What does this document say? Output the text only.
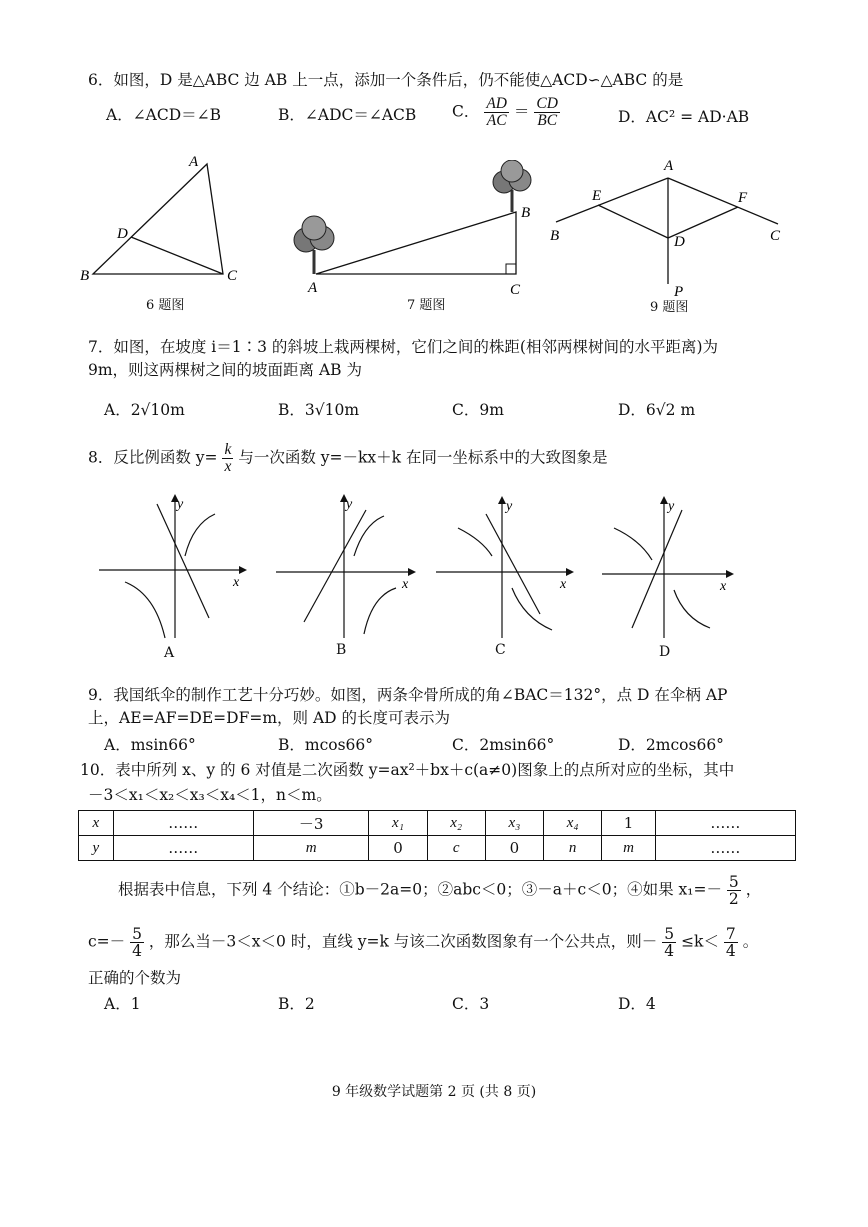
6．如图，D 是△ABC 边 AB 上一点，添加一个条件后，仍不能使△ACD∽△ABC 的是
A．∠ACD＝∠B	B．∠ADC＝∠ACB C． $\frac{AD}{AC} = \frac{CD}{BC}$	D．AC² = AD·AB
A
D
B	C
6 题图
A
B
C
7 题图
A
E	F
B	D	C
P
9 题图
7．如图，在坡度 i＝1∶3 的斜坡上栽两棵树，它们之间的株距(相邻两棵树间的水平距离)为
9m，则这两棵树之间的坡面距离 AB 为
A．2√10m	B．3√10m	C．9m	D．6√2 m
8．反比例函数 $y= \frac{k}{x}$ 与一次函数 y=－kx＋k 在同一坐标系中的大致图象是
x
y
A
x
y
B
x
y
C
x
y
D
9．我国纸伞的制作工艺十分巧妙。如图，两条伞骨所成的角∠BAC＝132°，点 D 在伞柄 AP
上，AE=AF=DE=DF=m，则 AD 的长度可表示为
A．msin66°	B．mcos66°	C．2msin66°	D．2mcos66°
10．表中所列 x、y 的 6 对值是二次函数 y=ax²＋bx＋c(a≠0)图象上的点所对应的坐标，其中
－3＜x₁＜x₂＜x₃＜x₄＜1，n＜m。
x	……	－3	x₁	x₂	x₃	x₄	1	……
y	……	m	0	c	0	n	m	……
根据表中信息，下列 4 个结论：①b－2a=0；②abc＜0；③－a＋c＜0；④如果 $x_1=- \frac{5}{2}$ ，
$c=- \frac{5}{4}$ ，那么当－3＜x＜0 时，直线 y=k 与该二次函数图象有一个公共点，则－ $\frac{5}{4} \le k< \frac{7}{4}$ 。
正确的个数为
A．1	B．2	C．3	D．4
9 年级数学试题第 2 页 (共 8 页)
